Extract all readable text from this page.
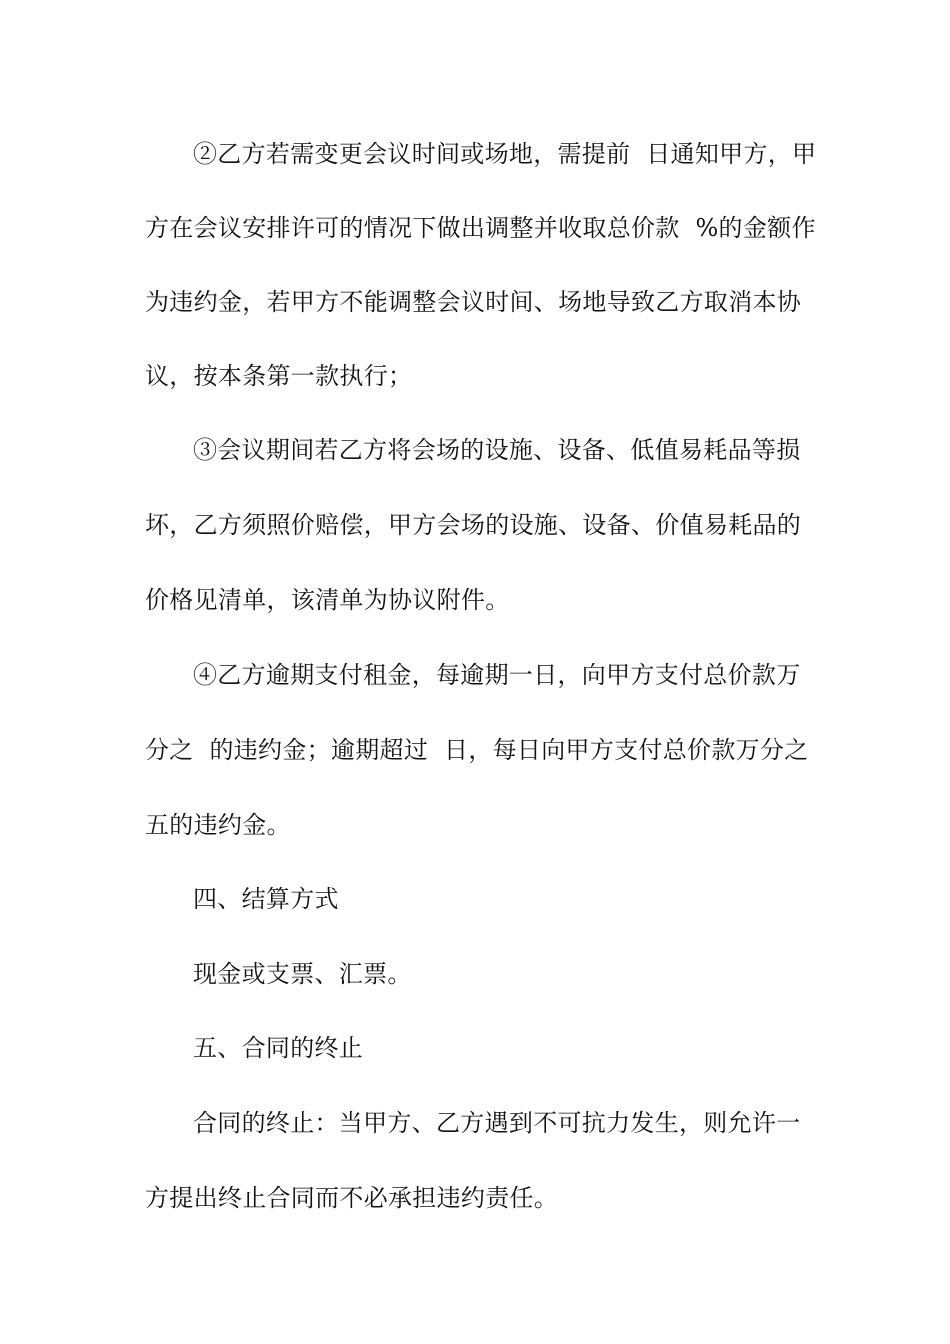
②乙方若需变更会议时间或场地，需提前  日通知甲方，甲
方在会议安排许可的情况下做出调整并收取总价款  %的金额作
为违约金，若甲方不能调整会议时间、场地导致乙方取消本协
议，按本条第一款执行；
③会议期间若乙方将会场的设施、设备、低值易耗品等损
坏，乙方须照价赔偿，甲方会场的设施、设备、价值易耗品的
价格见清单，该清单为协议附件。
④乙方逾期支付租金，每逾期一日，向甲方支付总价款万
分之  的违约金；逾期超过  日，每日向甲方支付总价款万分之
五的违约金。
四、结算方式
现金或支票、汇票。
五、合同的终止
合同的终止：当甲方、乙方遇到不可抗力发生，则允许一
方提出终止合同而不必承担违约责任。
